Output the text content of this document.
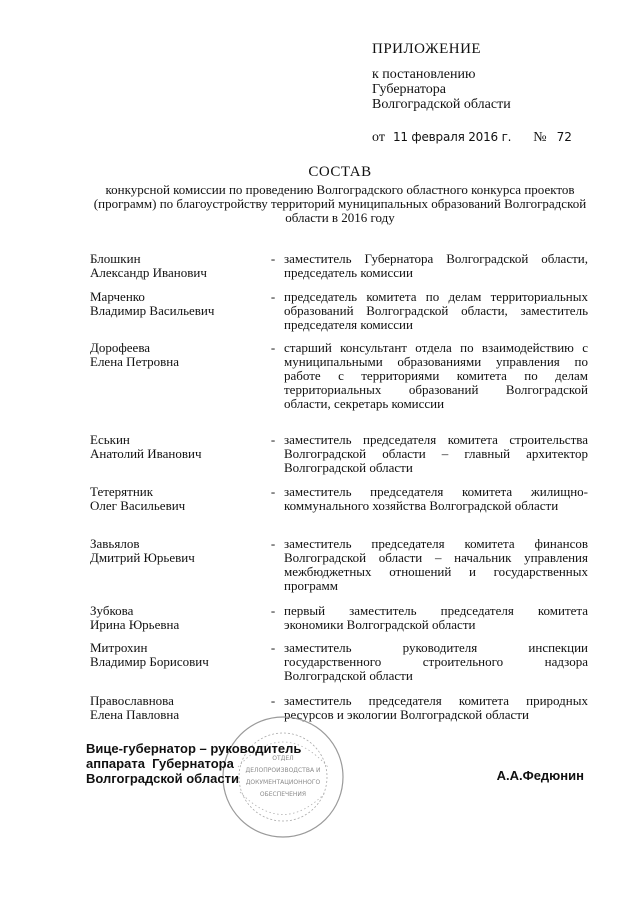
ПРИЛОЖЕНИЕ
к постановлению
Губернатора
Волгоградской области
от 11 февраля 2016 г. № 72
СОСТАВ
конкурсной комиссии по проведению Волгоградского областного конкурса проектов (программ) по благоустройству территорий муниципальных образований Волгоградской области в 2016 году
Блошкин
Александр Иванович
- заместитель Губернатора Волгоградской области, председатель комиссии
Марченко
Владимир Васильевич
- председатель комитета по делам территориальных образований Волгоградской области, заместитель председателя комиссии
Дорофеева
Елена Петровна
- старший консультант отдела по взаимодействию с муниципальными образованиями управления по работе с территориями комитета по делам территориальных образований Волгоградской области, секретарь комиссии
Еськин
Анатолий Иванович
- заместитель председателя комитета строительства Волгоградской области – главный архитектор Волгоградской области
Тетерятник
Олег Васильевич
- заместитель председателя комитета жилищно-коммунального хозяйства Волгоградской области
Завьялов
Дмитрий Юрьевич
- заместитель председателя комитета финансов Волгоградской области – начальник управления межбюджетных отношений и государственных программ
Зубкова
Ирина Юрьевна
- первый заместитель председателя комитета экономики Волгоградской области
Митрохин
Владимир Борисович
- заместитель руководителя инспекции государственного строительного надзора Волгоградской области
Православнова
Елена Павловна
- заместитель председателя комитета природных ресурсов и экологии Волгоградской области
ОТДЕЛ
ДЕЛОПРОИЗВОДСТВА И
ДОКУМЕНТАЦИОННОГО
ОБЕСПЕЧЕНИЯ
Вице-губернатор – руководитель
аппарата  Губернатора
Волгоградской области	А.А.Федюнин
